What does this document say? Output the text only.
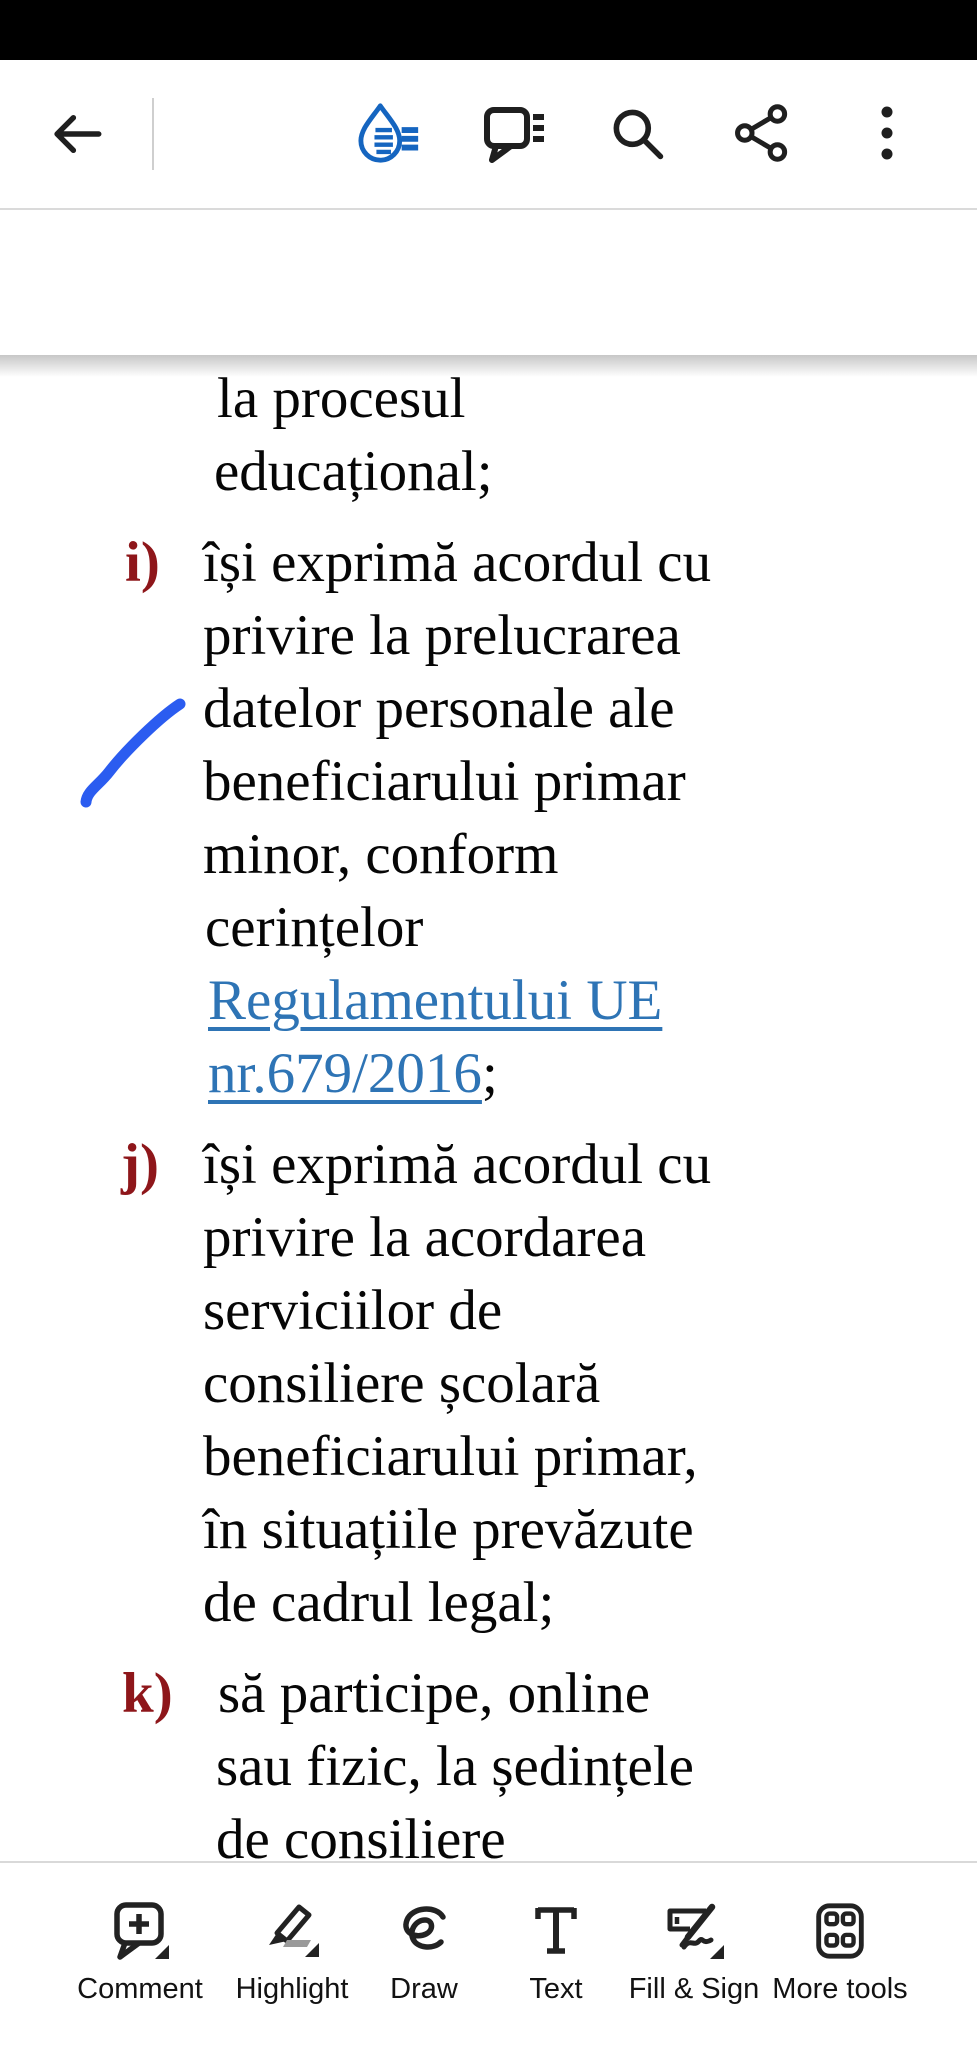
la procesul
educațional;
i) își exprimă acordul cu
privire la prelucrarea
datelor personale ale
beneficiarului primar
minor, conform
cerințelor
Regulamentului UE
nr.679/2016;
j) își exprimă acordul cu
privire la acordarea
serviciilor de
consiliere școlară
beneficiarului primar,
în situațiile prevăzute
de cadrul legal;
k) să participe, online
sau fizic, la ședințele
de consiliere
Comment	Highlight	Draw	Text	Fill & Sign More tools
